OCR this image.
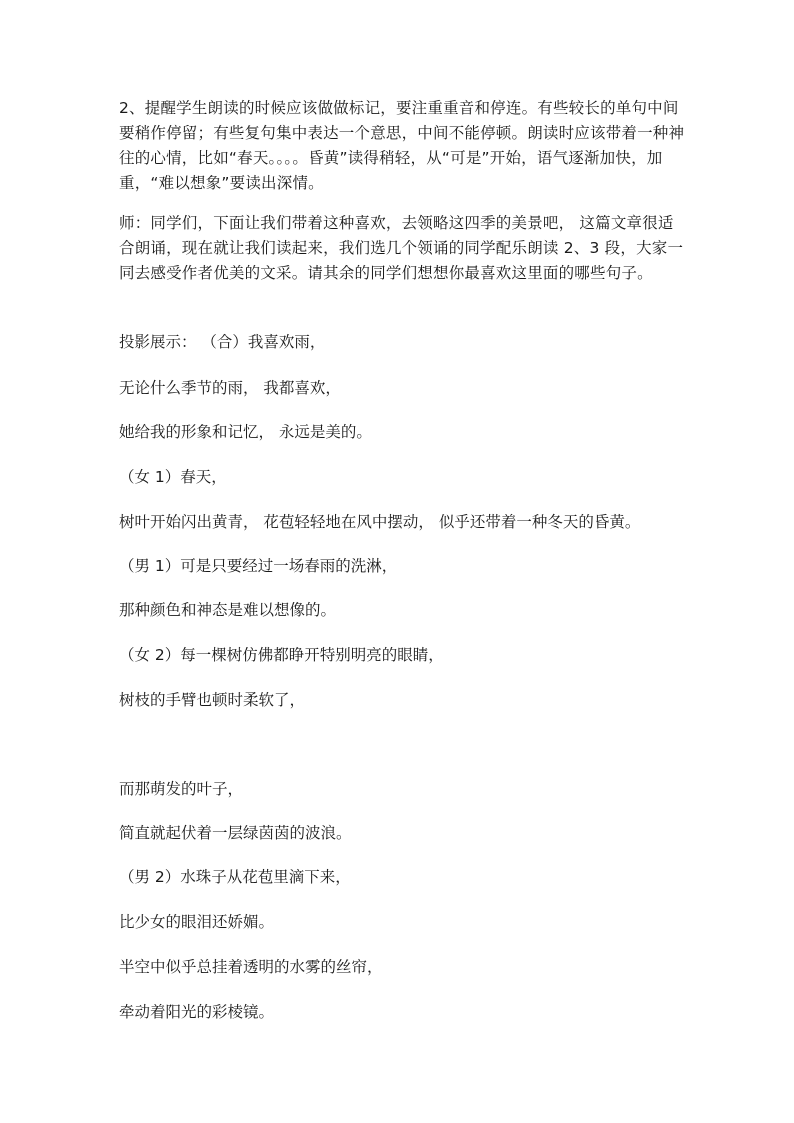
2、提醒学生朗读的时候应该做做标记，要注重重音和停连。有些较长的单句中间要稍作停留；有些复句集中表达一个意思，中间不能停顿。朗读时应该带着一种神往的心情，比如“春天。。。。昏黄”读得稍轻，从“可是”开始，语气逐渐加快，加重，“难以想象”要读出深情。

师：同学们，下面让我们带着这种喜欢，去领略这四季的美景吧， 这篇文章很适合朗诵，现在就让我们读起来，我们选几个领诵的同学配乐朗读 2、3 段，大家一同去感受作者优美的文采。请其余的同学们想想你最喜欢这里面的哪些句子。

投影展示： （合）我喜欢雨，

无论什么季节的雨， 我都喜欢，

她给我的形象和记忆， 永远是美的。

（女 1）春天，

树叶开始闪出黄青， 花苞轻轻地在风中摆动， 似乎还带着一种冬天的昏黄。

（男 1）可是只要经过一场春雨的洗淋，

那种颜色和神态是难以想像的。

（女 2）每一棵树仿佛都睁开特别明亮的眼睛，

树枝的手臂也顿时柔软了，

而那萌发的叶子，

简直就起伏着一层绿茵茵的波浪。

（男 2）水珠子从花苞里滴下来，

比少女的眼泪还娇媚。

半空中似乎总挂着透明的水雾的丝帘，

牵动着阳光的彩棱镜。
